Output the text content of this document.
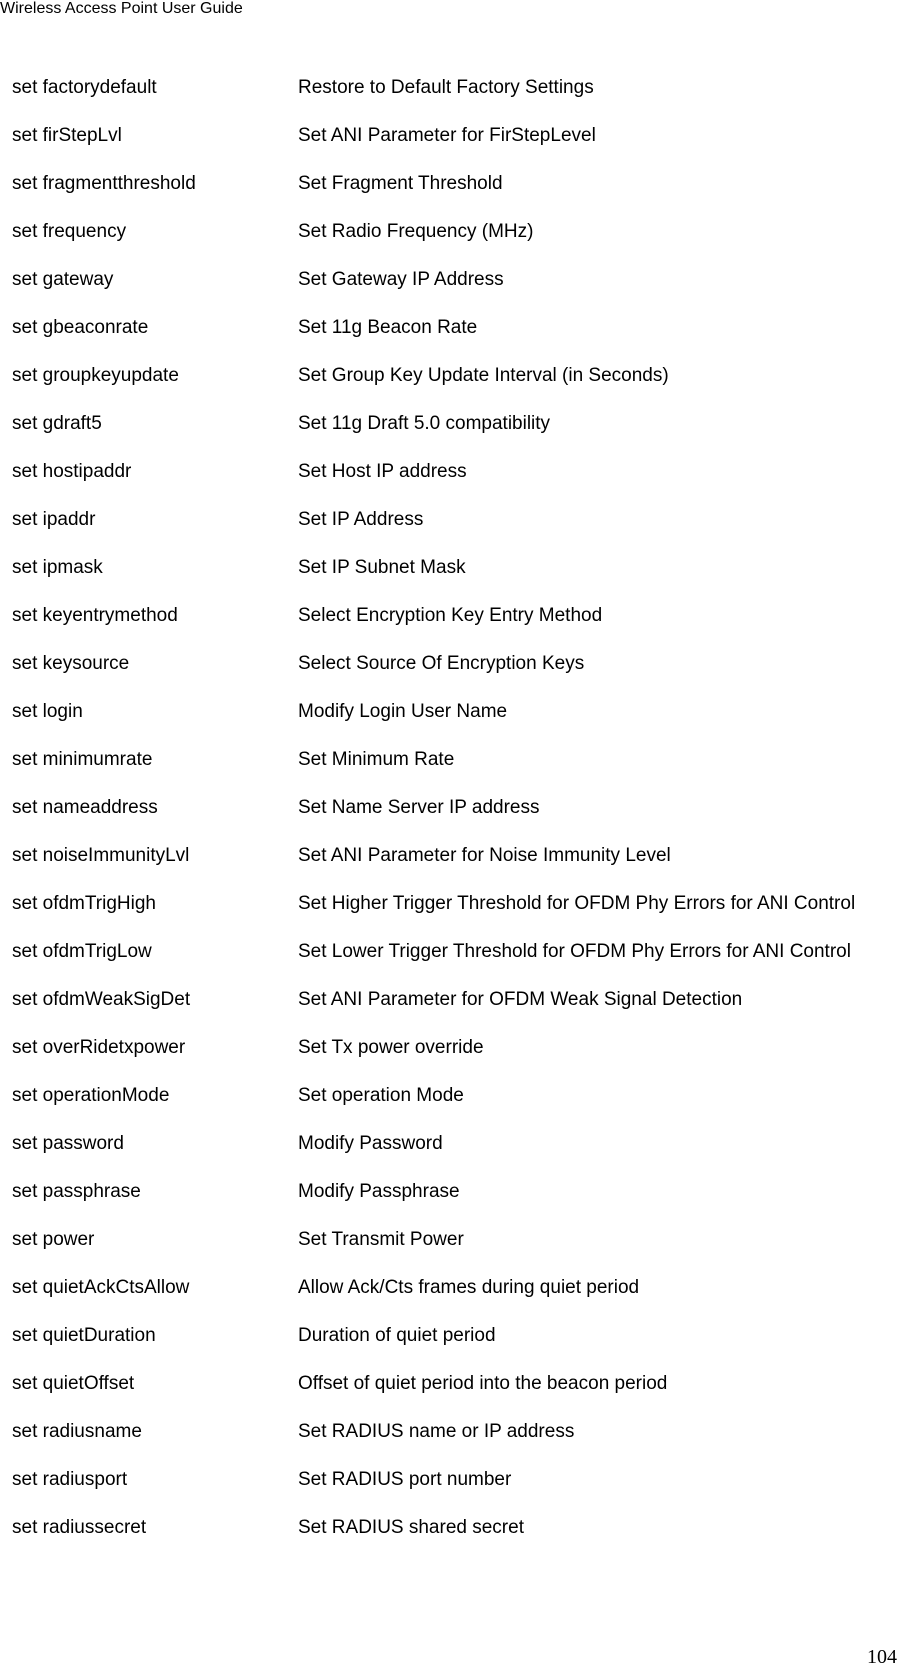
Wireless Access Point User Guide
set factorydefault	Restore to Default Factory Settings
set firStepLvl	Set ANI Parameter for FirStepLevel
set fragmentthreshold	Set Fragment Threshold
set frequency	Set Radio Frequency (MHz)
set gateway	Set Gateway IP Address
set gbeaconrate	Set 11g Beacon Rate
set groupkeyupdate	Set Group Key Update Interval (in Seconds)
set gdraft5	Set 11g Draft 5.0 compatibility
set hostipaddr	Set Host IP address
set ipaddr	Set IP Address
set ipmask	Set IP Subnet Mask
set keyentrymethod	Select Encryption Key Entry Method
set keysource	Select Source Of Encryption Keys
set login	Modify Login User Name
set minimumrate	Set Minimum Rate
set nameaddress	Set Name Server IP address
set noiseImmunityLvl	Set ANI Parameter for Noise Immunity Level
set ofdmTrigHigh	Set Higher Trigger Threshold for OFDM Phy Errors for ANI Control
set ofdmTrigLow	Set Lower Trigger Threshold for OFDM Phy Errors for ANI Control
set ofdmWeakSigDet	Set ANI Parameter for OFDM Weak Signal Detection
set overRidetxpower	Set Tx power override
set operationMode	Set operation Mode
set password	Modify Password
set passphrase	Modify Passphrase
set power	Set Transmit Power
set quietAckCtsAllow	Allow Ack/Cts frames during quiet period
set quietDuration	Duration of quiet period
set quietOffset	Offset of quiet period into the beacon period
set radiusname	Set RADIUS name or IP address
set radiusport	Set RADIUS port number
set radiussecret	Set RADIUS shared secret
104
